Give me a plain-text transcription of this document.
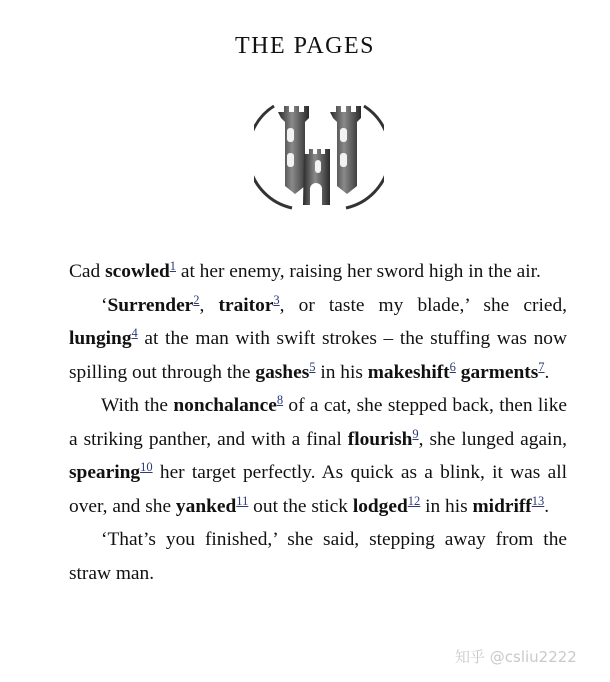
THE PAGES

Cad scowled$^1$ at her enemy, raising her sword high in the air.

‘Surrender$^2$, traitor$^3$, or taste my blade,’ she cried, lunging$^4$ at the man with swift strokes – the stuffing was now spilling out through the gashes$^5$ in his makeshift$^6$ garments$^7$.

With the nonchalance$^8$ of a cat, she stepped back, then like a striking panther, and with a final flourish$^9$, she lunged again, spearing$^{10}$ her target perfectly. As quick as a blink, it was all over, and she yanked$^{11}$ out the stick lodged$^{12}$ in his midriff$^{13}$.

‘That’s you finished,’ she said, stepping away from the straw man.

知乎 @csliu2222
